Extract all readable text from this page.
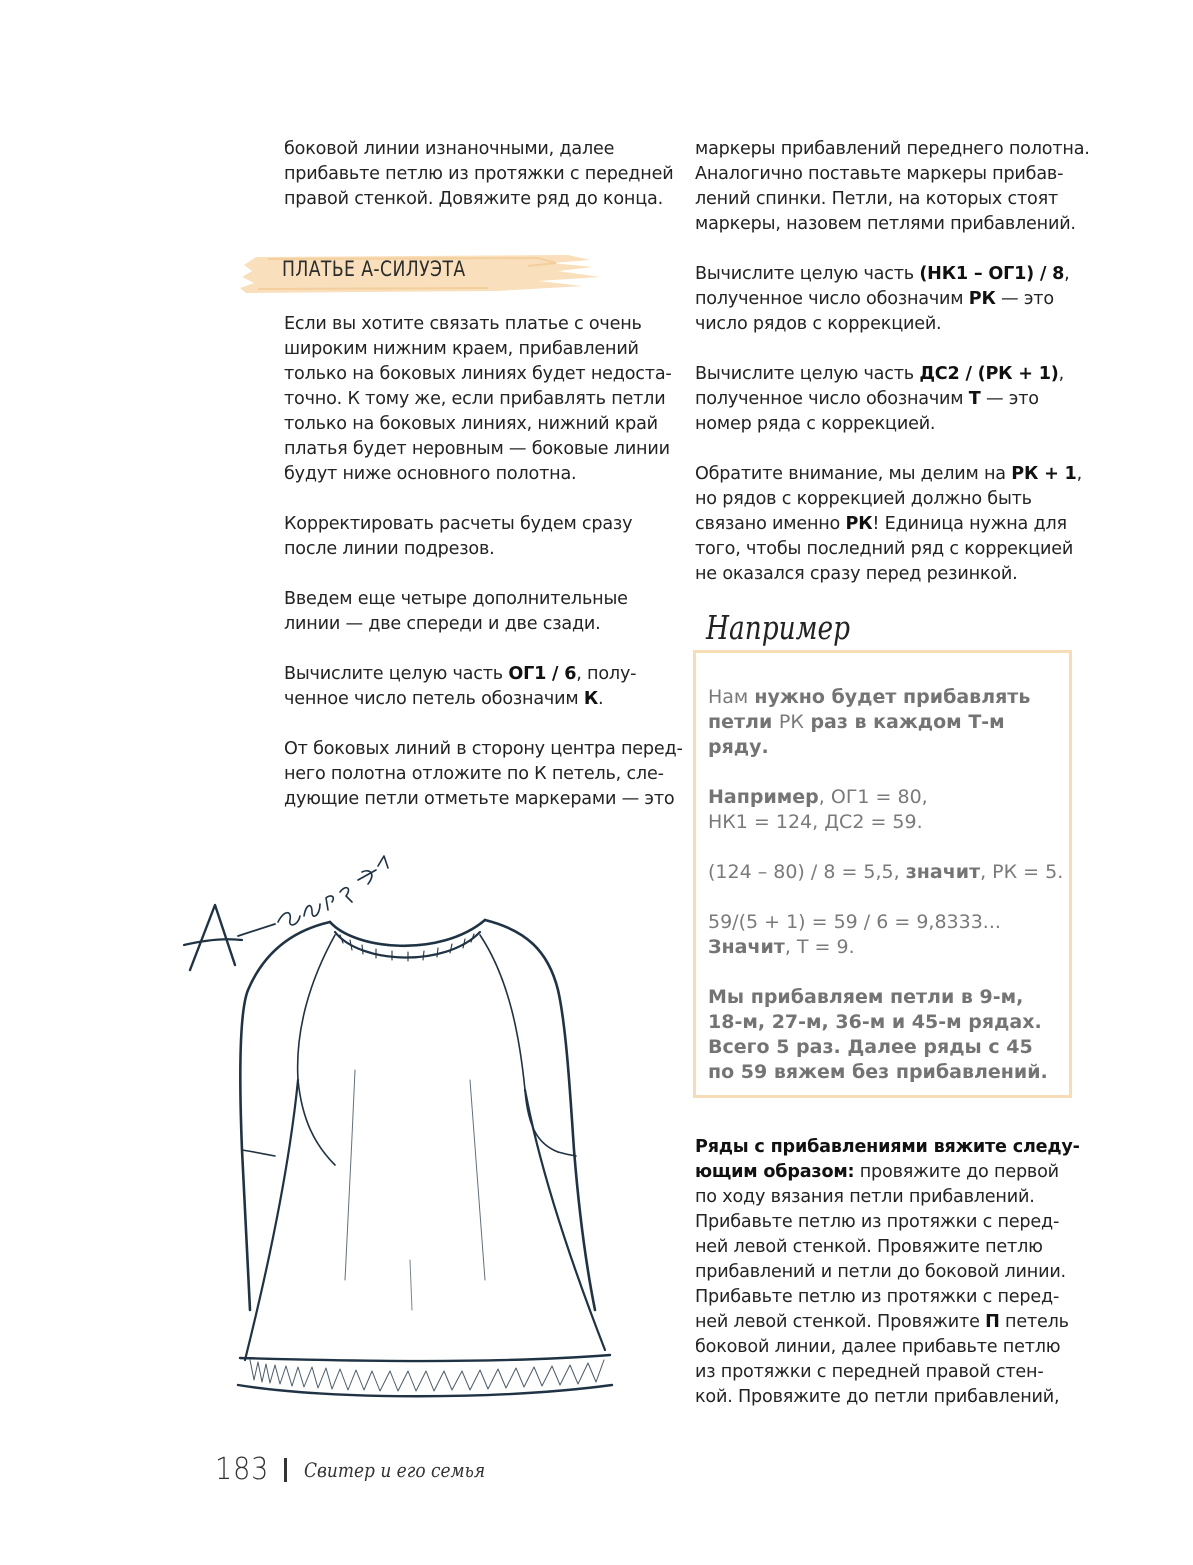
боковой линии изнаночными, далее
прибавьте петлю из протяжки с передней
правой стенкой. Довяжите ряд до конца.

ПЛАТЬЕ А-СИЛУЭТА

Если вы хотите связать платье с очень
широким нижним краем, прибавлений
только на боковых линиях будет недоста-
точно. К тому же, если прибавлять петли
только на боковых линиях, нижний край
платья будет неровным — боковые линии
будут ниже основного полотна.

Корректировать расчеты будем сразу
после линии подрезов.

Введем еще четыре дополнительные
линии — две спереди и две сзади.

Вычислите целую часть ОГ1 / 6, полу-
ченное число петель обозначим К.

От боковых линий в сторону центра перед-
него полотна отложите по К петель, сле-
дующие петли отметьте маркерами — это

маркеры прибавлений переднего полотна.
Аналогично поставьте маркеры прибав-
лений спинки. Петли, на которых стоят
маркеры, назовем петлями прибавлений.

Вычислите целую часть (НК1 – ОГ1) / 8,
полученное число обозначим РК — это
число рядов с коррекцией.

Вычислите целую часть ДС2 / (РК + 1),
полученное число обозначим Т — это
номер ряда с коррекцией.

Обратите внимание, мы делим на РК + 1,
но рядов с коррекцией должно быть
связано именно РК! Единица нужна для
того, чтобы последний ряд с коррекцией
не оказался сразу перед резинкой.

Нам нужно будет прибавлять
петли РК раз в каждом Т-м
ряду.

Например, ОГ1 = 80,
НК1 = 124, ДС2 = 59.

(124 – 80) / 8 = 5,5, значит, РК = 5.

59/(5 + 1) = 59 / 6 = 9,8333...
Значит, Т = 9.

Мы прибавляем петли в 9-м,
18-м, 27-м, 36-м и 45-м рядах.
Всего 5 раз. Далее ряды с 45
по 59 вяжем без прибавлений.

Например

Ряды с прибавлениями вяжите следу-
ющим образом: провяжите до первой
по ходу вязания петли прибавлений.
Прибавьте петлю из протяжки с перед-
ней левой стенкой. Провяжите петлю
прибавлений и петли до боковой линии.
Прибавьте петлю из протяжки с перед-
ней левой стенкой. Провяжите П петель
боковой линии, далее прибавьте петлю
из протяжки с передней правой стен-
кой. Провяжите до петли прибавлений,

183 Свитер и его семья
